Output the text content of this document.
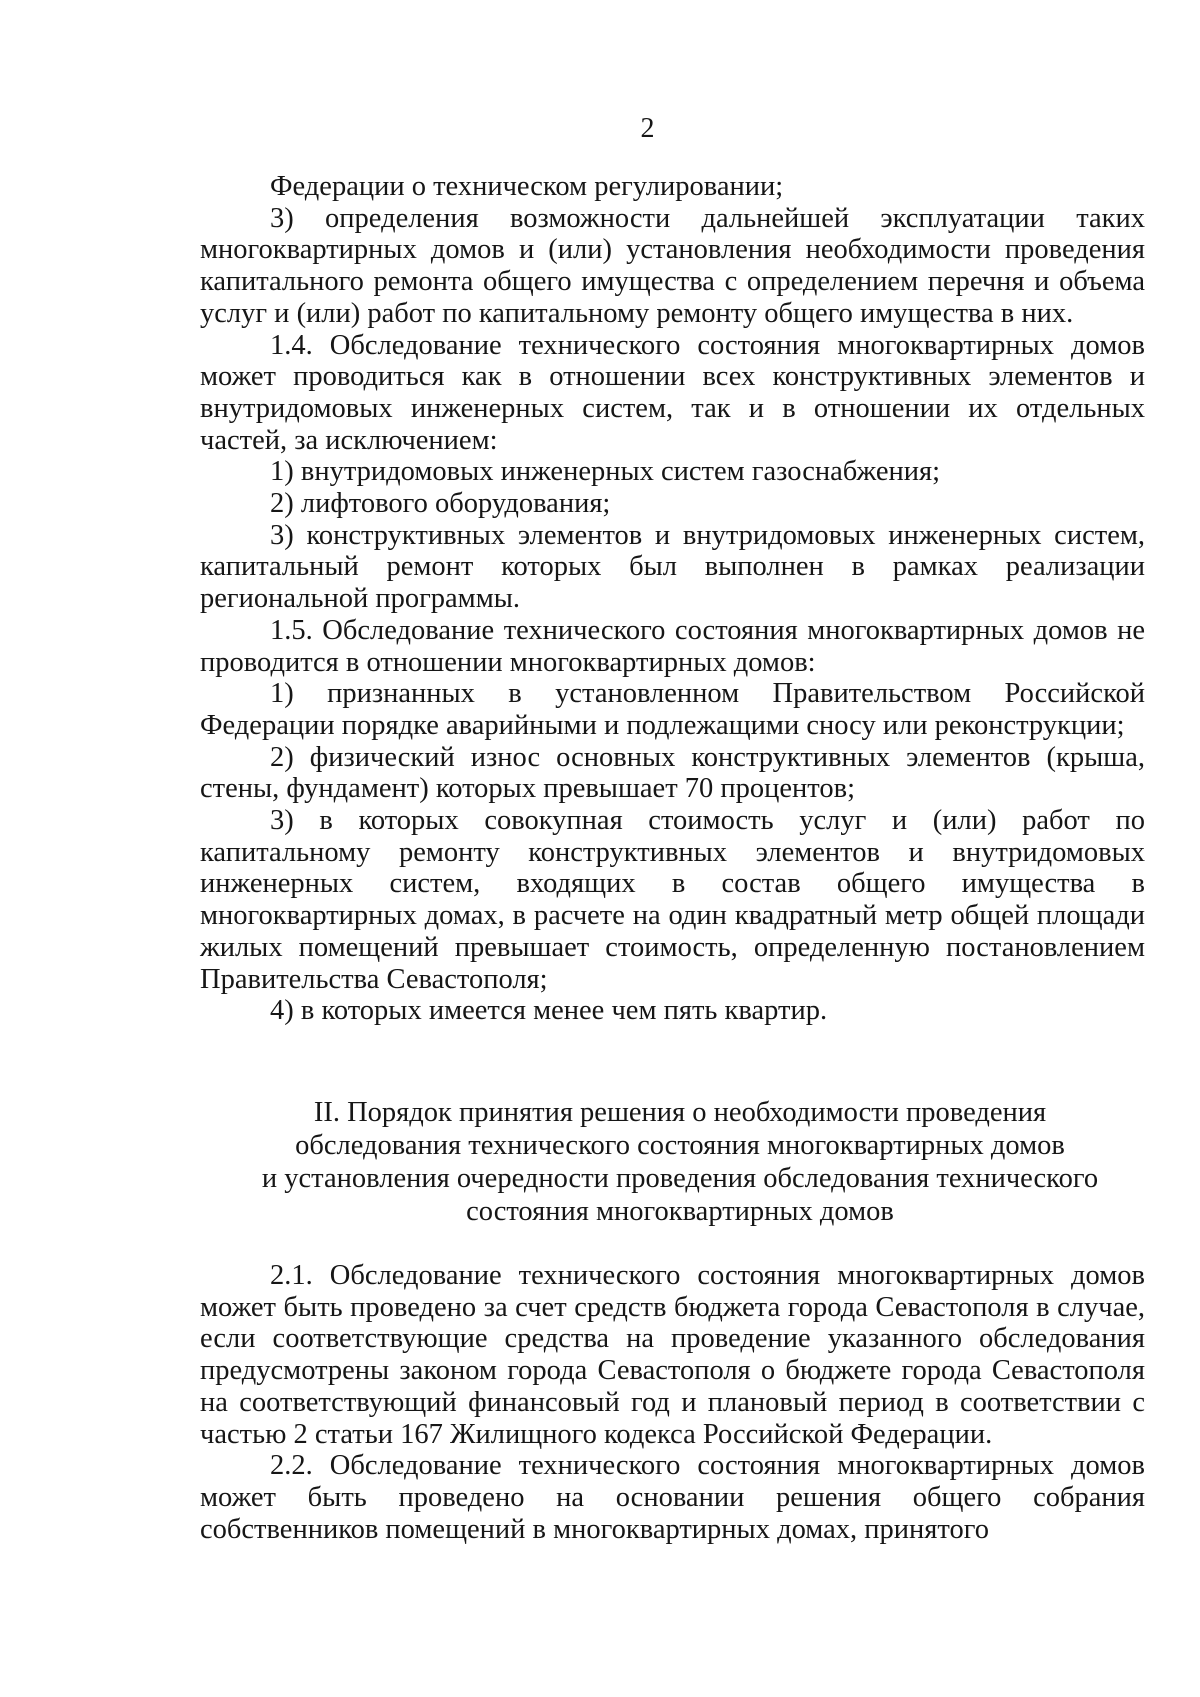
2

Федерации о техническом регулировании;

3) определения возможности дальнейшей эксплуатации таких многоквартирных домов и (или) установления необходимости проведения капитального ремонта общего имущества с определением перечня и объема услуг и (или) работ по капитальному ремонту общего имущества в них.

1.4. Обследование технического состояния многоквартирных домов может проводиться как в отношении всех конструктивных элементов и внутридомовых инженерных систем, так и в отношении их отдельных частей, за исключением:

1) внутридомовых инженерных систем газоснабжения;

2) лифтового оборудования;

3) конструктивных элементов и внутридомовых инженерных систем, капитальный ремонт которых был выполнен в рамках реализации региональной программы.

1.5. Обследование технического состояния многоквартирных домов не проводится в отношении многоквартирных домов:

1) признанных в установленном Правительством Российской Федерации порядке аварийными и подлежащими сносу или реконструкции;

2) физический износ основных конструктивных элементов (крыша, стены, фундамент) которых превышает 70 процентов;

3) в которых совокупная стоимость услуг и (или) работ по капитальному ремонту конструктивных элементов и внутридомовых инженерных систем, входящих в состав общего имущества в многоквартирных домах, в расчете на один квадратный метр общей площади жилых помещений превышает стоимость, определенную постановлением Правительства Севастополя;

4) в которых имеется менее чем пять квартир.

II. Порядок принятия решения о необходимости проведения
обследования технического состояния многоквартирных домов
и установления очередности проведения обследования технического
состояния многоквартирных домов

2.1. Обследование технического состояния многоквартирных домов может быть проведено за счет средств бюджета города Севастополя в случае, если соответствующие средства на проведение указанного обследования предусмотрены законом города Севастополя о бюджете города Севастополя на соответствующий финансовый год и плановый период в соответствии с частью 2 статьи 167 Жилищного кодекса Российской Федерации.

2.2. Обследование технического состояния многоквартирных домов может быть проведено на основании решения общего собрания собственников помещений в многоквартирных домах, принятого
